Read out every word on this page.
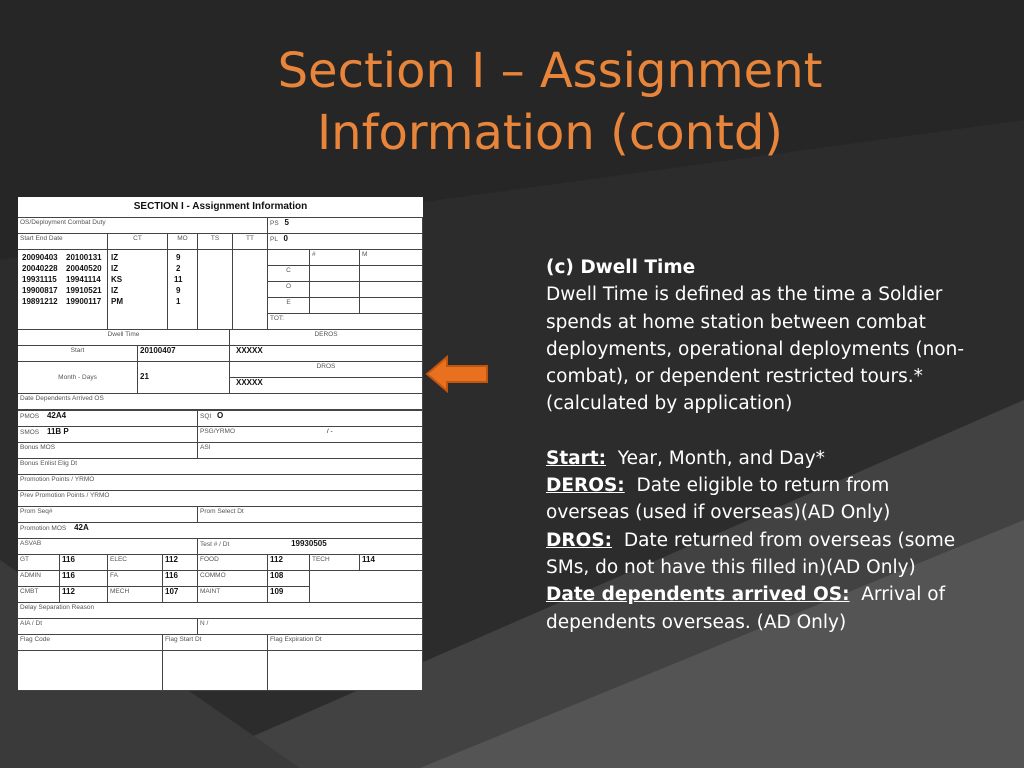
Section I – Assignment
Information (contd)
SECTION I - Assignment Information
OS/Deployment Combat Duty	PS 5
Start End Date	CT	MO	TS	TT	PL 0
20090403 20100131 IZ	9
20040228 20040520 IZ	2
19931115 19941114 KS	11
19900817 19910521 IZ	9
19891212 19900117 PM	1
#	M
C
O
E
TOT:
Dwell Time	DEROS
Start	20100407	XXXXX
Month - Days	21
DROS
XXXXX
Date Dependents Arrived OS
PMOS 42A4	SQI O
SMOS 11B P	PSG/YRMO	/ -
Bonus MOS	ASI
Bonus Enlist Elig Dt
Promotion Points / YRMO
Prev Promotion Points / YRMO
Prom Seq#	Prom Select Dt
Promotion MOS 42A
ASVAB	Test # / Dt	19930505
GT	116	ELEC	112	FOOD	112	TECH	114
ADMIN	116	FA	116	COMMO	108
CMBT	112	MECH	107	MAINT	109
Delay Separation Reason
AIA / Dt	N /
Flag Code	Flag Start Dt	Flag Expiration Dt

(c) Dwell Time

Dwell Time is defined as the time a Soldier spends at home station between combat deployments, operational deployments (non-combat), or dependent restricted tours.* (calculated by application)

Start: Year, Month, and Day*

DEROS: Date eligible to return from overseas (used if overseas)(AD Only)

DROS: Date returned from overseas (some SMs, do not have this filled in)(AD Only)

Date dependents arrived OS: Arrival of dependents overseas. (AD Only)
